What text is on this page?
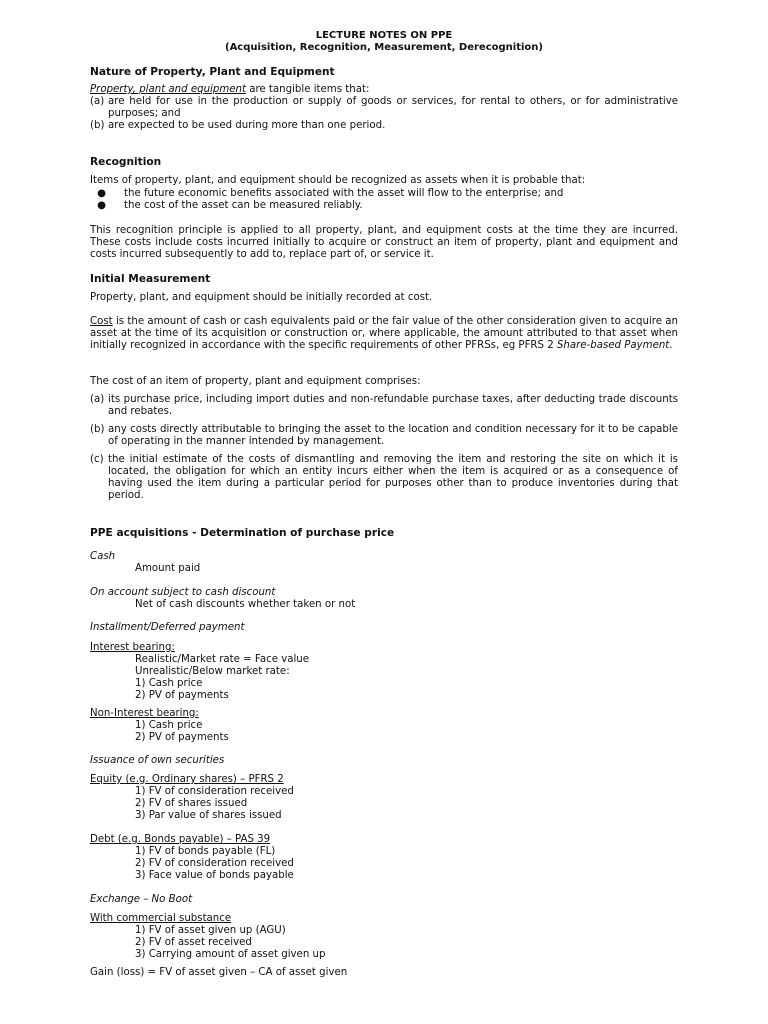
LECTURE NOTES ON PPE
(Acquisition, Recognition, Measurement, Derecognition)
Nature of Property, Plant and Equipment
Property, plant and equipment are tangible items that:
(a) are held for use in the production or supply of goods or services, for rental to others, or for administrative purposes; and
(b) are expected to be used during more than one period.
Recognition
Items of property, plant, and equipment should be recognized as assets when it is probable that:
●	the future economic benefits associated with the asset will flow to the enterprise; and
●	the cost of the asset can be measured reliably.
This recognition principle is applied to all property, plant, and equipment costs at the time they are incurred. These costs include costs incurred initially to acquire or construct an item of property, plant and equipment and costs incurred subsequently to add to, replace part of, or service it.
Initial Measurement
Property, plant, and equipment should be initially recorded at cost.
Cost is the amount of cash or cash equivalents paid or the fair value of the other consideration given to acquire an asset at the time of its acquisition or construction or, where applicable, the amount attributed to that asset when initially recognized in accordance with the specific requirements of other PFRSs, eg PFRS 2 Share-based Payment.
The cost of an item of property, plant and equipment comprises:
(a) its purchase price, including import duties and non-refundable purchase taxes, after deducting trade discounts and rebates.
(b) any costs directly attributable to bringing the asset to the location and condition necessary for it to be capable of operating in the manner intended by management.
(c) the initial estimate of the costs of dismantling and removing the item and restoring the site on which it is located, the obligation for which an entity incurs either when the item is acquired or as a consequence of having used the item during a particular period for purposes other than to produce inventories during that period.
PPE acquisitions - Determination of purchase price
Cash
Amount paid
On account subject to cash discount
Net of cash discounts whether taken or not
Installment/Deferred payment
Interest bearing:
Realistic/Market rate = Face value
Unrealistic/Below market rate:
1) Cash price
2) PV of payments
Non-Interest bearing:
1) Cash price
2) PV of payments
Issuance of own securities
Equity (e.g. Ordinary shares) – PFRS 2
1) FV of consideration received
2) FV of shares issued
3) Par value of shares issued
Debt (e.g. Bonds payable) – PAS 39
1) FV of bonds payable (FL)
2) FV of consideration received
3) Face value of bonds payable
Exchange – No Boot
With commercial substance
1) FV of asset given up (AGU)
2) FV of asset received
3) Carrying amount of asset given up
Gain (loss) = FV of asset given – CA of asset given
